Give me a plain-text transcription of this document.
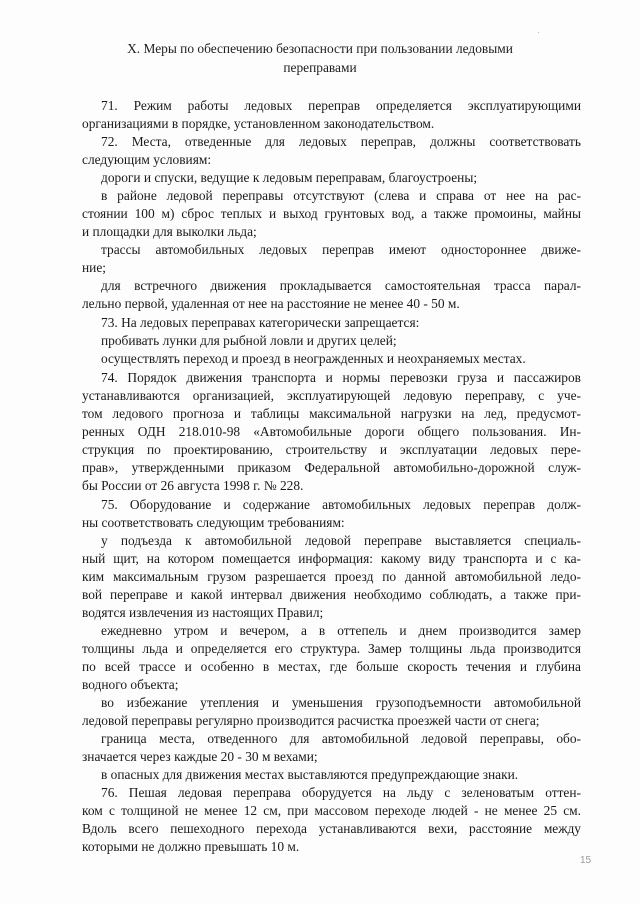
X. Меры по обеспечению безопасности при пользовании ледовыми
переправами
71. Режим работы ледовых переправ определяется эксплуатирующими
организациями в порядке, установленном законодательством.
72. Места, отведенные для ледовых переправ, должны соответствовать
следующим условиям:
дороги и спуски, ведущие к ледовым переправам, благоустроены;
в районе ледовой переправы отсутствуют (слева и справа от нее на рас-
стоянии 100 м) сброс теплых и выход грунтовых вод, а также промоины, майны
и площадки для выколки льда;
трассы автомобильных ледовых переправ имеют одностороннее движе-
ние;
для встречного движения прокладывается самостоятельная трасса парал-
лельно первой, удаленная от нее на расстояние не менее 40 - 50 м.
73. На ледовых переправах категорически запрещается:
пробивать лунки для рыбной ловли и других целей;
осуществлять переход и проезд в неогражденных и неохраняемых местах.
74. Порядок движения транспорта и нормы перевозки груза и пассажиров
устанавливаются организацией, эксплуатирующей ледовую переправу, с уче-
том ледового прогноза и таблицы максимальной нагрузки на лед, предусмот-
ренных ОДН 218.010-98 «Автомобильные дороги общего пользования. Ин-
струкция по проектированию, строительству и эксплуатации ледовых пере-
прав», утвержденными приказом Федеральной автомобильно-дорожной служ-
бы России от 26 августа 1998 г. № 228.
75. Оборудование и содержание автомобильных ледовых переправ долж-
ны соответствовать следующим требованиям:
у подъезда к автомобильной ледовой переправе выставляется специаль-
ный щит, на котором помещается информация: какому виду транспорта и с ка-
ким максимальным грузом разрешается проезд по данной автомобильной ледо-
вой переправе и какой интервал движения необходимо соблюдать, а также при-
водятся извлечения из настоящих Правил;
ежедневно утром и вечером, а в оттепель и днем производится замер
толщины льда и определяется его структура. Замер толщины льда производится
по всей трассе и особенно в местах, где больше скорость течения и глубина
водного объекта;
во избежание утепления и уменьшения грузоподъемности автомобильной
ледовой переправы регулярно производится расчистка проезжей части от снега;
граница места, отведенного для автомобильной ледовой переправы, обо-
значается через каждые 20 - 30 м вехами;
в опасных для движения местах выставляются предупреждающие знаки.
76. Пешая ледовая переправа оборудуется на льду с зеленоватым оттен-
ком с толщиной не менее 12 см, при массовом переходе людей - не менее 25 см.
Вдоль всего пешеходного перехода устанавливаются вехи, расстояние между
которыми не должно превышать 10 м.
15
